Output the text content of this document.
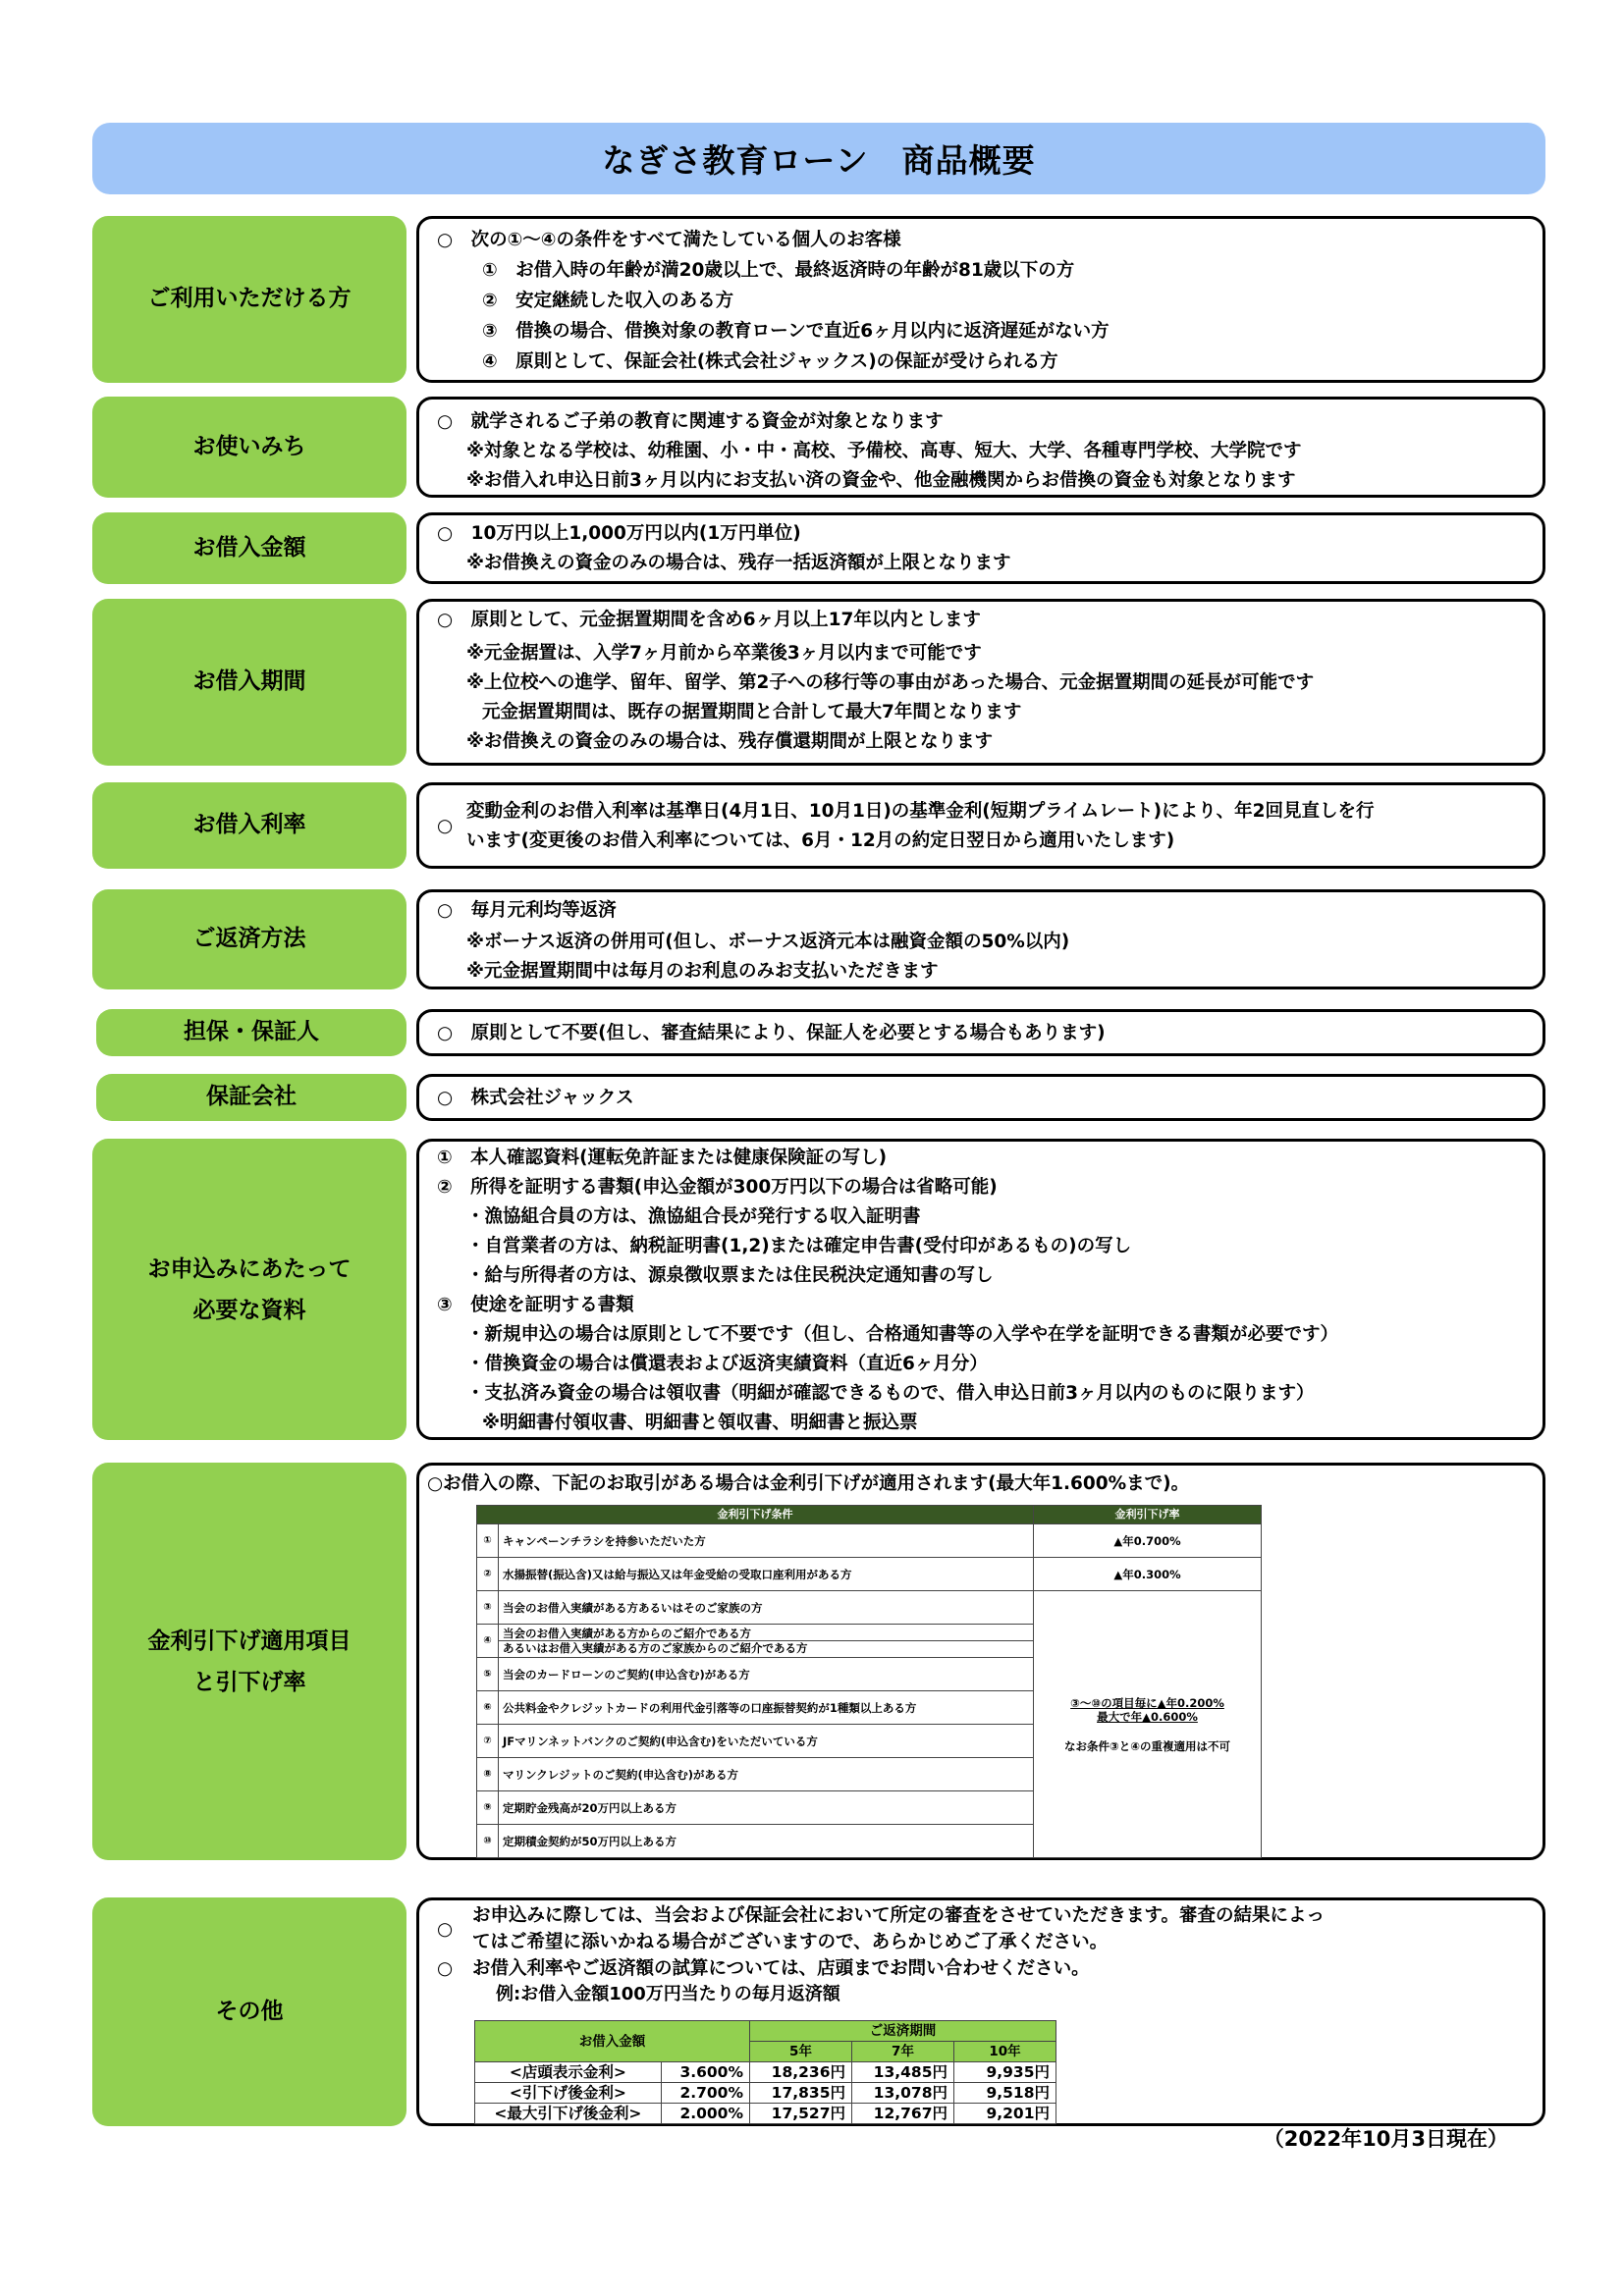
なぎさ教育ローン　商品概要
ご利用いただける方
○　次の①～④の条件をすべて満たしている個人のお客様
①　お借入時の年齢が満20歳以上で、最終返済時の年齢が81歳以下の方
②　安定継続した収入のある方
③　借換の場合、借換対象の教育ローンで直近6ヶ月以内に返済遅延がない方
④　原則として、保証会社(株式会社ジャックス)の保証が受けられる方
お使いみち
○　就学されるご子弟の教育に関連する資金が対象となります
※対象となる学校は、幼稚園、小・中・高校、予備校、高専、短大、大学、各種専門学校、大学院です
※お借入れ申込日前3ヶ月以内にお支払い済の資金や、他金融機関からお借換の資金も対象となります
お借入金額
○　10万円以上1,000万円以内(1万円単位)
※お借換えの資金のみの場合は、残存一括返済額が上限となります
お借入期間
○　原則として、元金据置期間を含め6ヶ月以上17年以内とします
※元金据置は、入学7ヶ月前から卒業後3ヶ月以内まで可能です
※上位校への進学、留年、留学、第2子への移行等の事由があった場合、元金据置期間の延長が可能です
元金据置期間は、既存の据置期間と合計して最大7年間となります
※お借換えの資金のみの場合は、残存償還期間が上限となります
お借入利率	○
変動金利のお借入利率は基準日(4月1日、10月1日)の基準金利(短期プライムレート)により、年2回見直しを行
います(変更後のお借入利率については、6月・12月の約定日翌日から適用いたします)
ご返済方法
○　毎月元利均等返済
※ボーナス返済の併用可(但し、ボーナス返済元本は融資金額の50%以内)
※元金据置期間中は毎月のお利息のみお支払いただきます
担保・保証人	○　原則として不要(但し、審査結果により、保証人を必要とする場合もあります)
保証会社	○　株式会社ジャックス
お申込みにあたって
必要な資料
①　本人確認資料(運転免許証または健康保険証の写し)
②　所得を証明する書類(申込金額が300万円以下の場合は省略可能)
・漁協組合員の方は、漁協組合長が発行する収入証明書
・自営業者の方は、納税証明書(1,2)または確定申告書(受付印があるもの)の写し
・給与所得者の方は、源泉徴収票または住民税決定通知書の写し
③　使途を証明する書類
・新規申込の場合は原則として不要です（但し、合格通知書等の入学や在学を証明できる書類が必要です）
・借換資金の場合は償還表および返済実績資料（直近6ヶ月分）
・支払済み資金の場合は領収書（明細が確認できるもので、借入申込日前3ヶ月以内のものに限ります）
※明細書付領収書、明細書と領収書、明細書と振込票
金利引下げ適用項目
と引下げ率
○お借入の際、下記のお取引がある場合は金利引下げが適用されます(最大年1.600%まで)。
金利引下げ条件		金利引下げ率
①	キャンペーンチラシを持参いただいた方	▲年0.700%
②	水揚振替(振込含)又は給与振込又は年金受給の受取口座利用がある方	▲年0.300%
③	当会のお借入実績がある方あるいはそのご家族の方	③～⑩の項目毎に▲年0.200%
最大で年▲0.600%
なお条件③と④の重複適用は不可

④	当会のお借入実績がある方からのご紹介である方
あるいはお借入実績がある方のご家族からのご紹介である方	

⑤	当会のカードローンのご契約(申込含む)がある方	
⑥	公共料金やクレジットカードの利用代金引落等の口座振替契約が1種類以上ある方	
⑦	JFマリンネットバンクのご契約(申込含む)をいただいている方	
⑧	マリンクレジットのご契約(申込含む)がある方	
⑨	定期貯金残高が20万円以上ある方	
⑩	定期積金契約が50万円以上ある方	
その他
○
お申込みに際しては、当会および保証会社において所定の審査をさせていただきます。審査の結果によっ
てはご希望に添いかねる場合がございますので、あらかじめご了承ください。
○	お借入利率やご返済額の試算については、店頭までお問い合わせください。
例:お借入金額100万円当たりの毎月返済額
お借入金額		ご返済期間		
		5年	7年	10年
<店頭表示金利>	3.600%	18,236円	13,485円	9,935円
<引下げ後金利>	2.700%	17,835円	13,078円	9,518円
<最大引下げ後金利>	2.000%	17,527円	12,767円	9,201円
（2022年10月3日現在）
